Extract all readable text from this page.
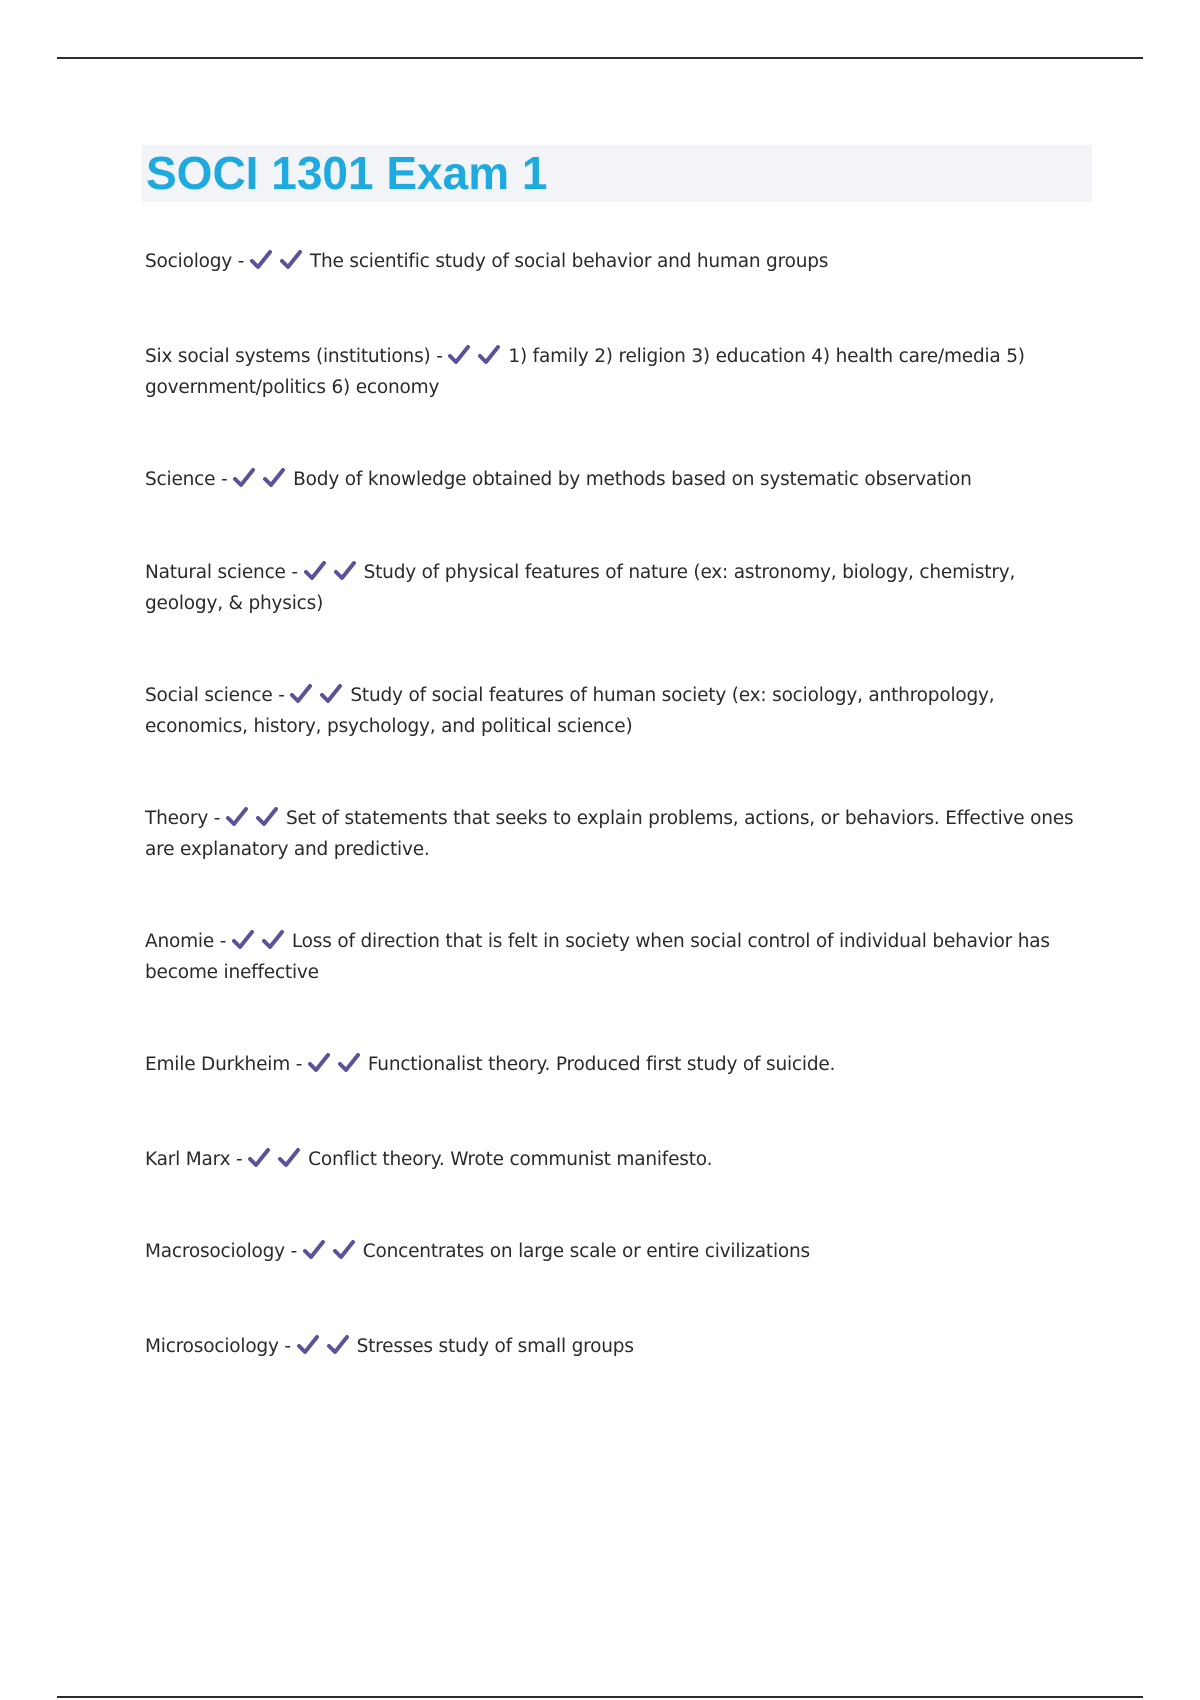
SOCI 1301 Exam 1
Sociology -	The scientific study of social behavior and human groups
Six social systems (institutions) -	1) family 2) religion 3) education 4) health care/media 5) government/politics 6) economy
Science -	Body of knowledge obtained by methods based on systematic observation
Natural science -	Study of physical features of nature (ex: astronomy, biology, chemistry, geology, & physics)
Social science -	Study of social features of human society (ex: sociology, anthropology, economics, history, psychology, and political science)
Theory -	Set of statements that seeks to explain problems, actions, or behaviors. Effective ones are explanatory and predictive.
Anomie -	Loss of direction that is felt in society when social control of individual behavior has become ineffective
Emile Durkheim -	Functionalist theory. Produced first study of suicide.
Karl Marx -	Conflict theory. Wrote communist manifesto.
Macrosociology -	Concentrates on large scale or entire civilizations
Microsociology -	Stresses study of small groups
